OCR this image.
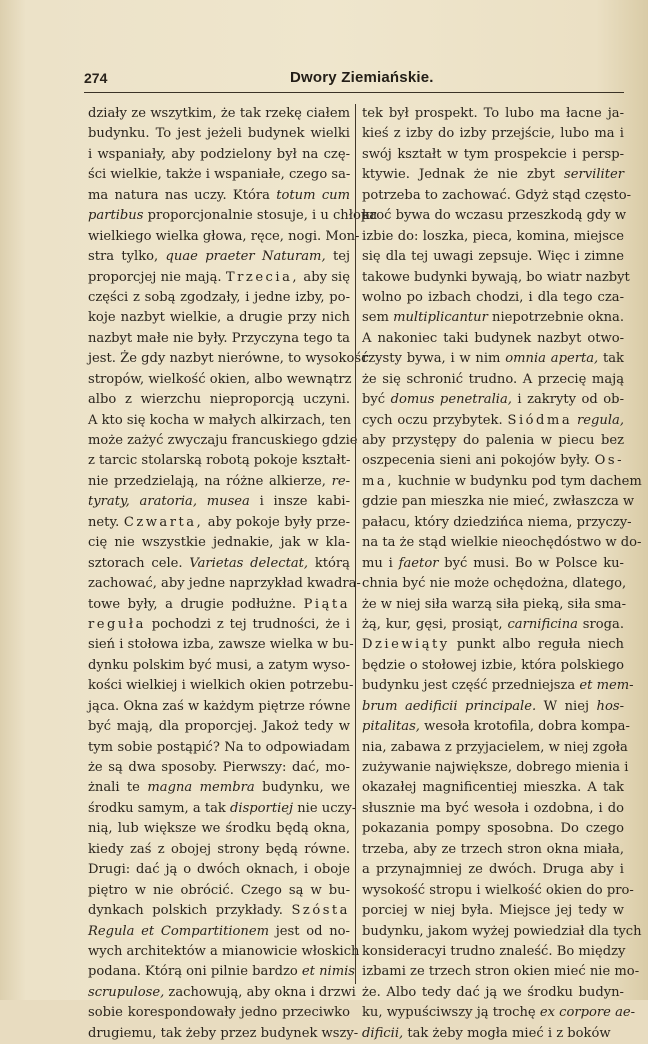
274	Dwory Ziemiańskie.
działy ze wszytkim, że tak rzekę ciałem
budynku. To jest jeżeli budynek wielki
i wspaniały, aby podzielony był na czę-
ści wielkie, także i wspaniałe, czego sa-
ma natura nas uczy. Która totum cum
partibus proporcjonalnie stosuje, i u chłopa
wielkiego wielka głowa, ręce, nogi. Mon-
stra tylko, quae praeter Naturam, tej
proporcjej nie mają. Trzecia, aby się
części z sobą zgodzały, i jedne izby, po-
koje nazbyt wielkie, a drugie przy nich
nazbyt małe nie były. Przyczyna tego ta
jest. Że gdy nazbyt nierówne, to wysokość
stropów, wielkość okien, albo wewnątrz
albo z wierzchu nieproporcją uczyni.
A kto się kocha w małych alkirzach, ten
może zażyć zwyczaju francuskiego gdzie
z tarcic stolarską robotą pokoje kształt-
nie przedzielają, na różne alkierze, re-
tyraty, aratoria, musea i insze kabi-
nety. Czwarta, aby pokoje były prze-
cię nie wszystkie jednakie, jak w kla-
sztorach cele. Varietas delectat, którą
zachować, aby jedne naprzykład kwadra-
towe były, a drugie podłużne. Piąta
reguła pochodzi z tej trudności, że i
sień i stołowa izba, zawsze wielka w bu-
dynku polskim być musi, a zatym wyso-
kości wielkiej i wielkich okien potrzebu-
jąca. Okna zaś w każdym piętrze równe
być mają, dla proporcjej. Jakoż tedy w
tym sobie postąpić? Na to odpowiadam
że są dwa sposoby. Pierwszy: dać, mo-
żnali te magna membra budynku, we
środku samym, a tak disportiej nie uczy-
nią, lub większe we środku będą okna,
kiedy zaś z obojej strony będą równe.
Drugi: dać ją o dwóch oknach, i oboje
piętro w nie obrócić. Czego są w bu-
dynkach polskich przykłady. Szósta
Regula et Compartitionem jest od no-
wych architektów a mianowicie włoskich
podana. Którą oni pilnie bardzo et nimis
scrupulose, zachowują, aby okna i drzwi
sobie korespondowały jedno przeciwko
drugiemu, tak żeby przez budynek wszy-
tek był prospekt. To lubo ma łacne ja-
kieś z izby do izby przejście, lubo ma i
swój kształt w tym prospekcie i persp-
ktywie. Jednak że nie zbyt serviliter
potrzeba to zachować. Gdyż stąd często-
kroć bywa do wczasu przeszkodą gdy w
izbie do: loszka, pieca, komina, miejsce
się dla tej uwagi zepsuje. Więc i zimne
takowe budynki bywają, bo wiatr nazbyt
wolno po izbach chodzi, i dla tego cza-
sem multiplicantur niepotrzebnie okna.
A nakoniec taki budynek nazbyt otwo-
rzysty bywa, i w nim omnia aperta, tak
że się schronić trudno. A przecię mają
być domus penetralia, i zakryty od ob-
cych oczu przybytek. Siódma regula,
aby przystępy do palenia w piecu bez
oszpecenia sieni ani pokojów były. Os-
ma, kuchnie w budynku pod tym dachem
gdzie pan mieszka nie mieć, zwłaszcza w
pałacu, który dziedzińca niema, przyczy-
na ta że stąd wielkie nieochędóstwo w do-
mu i faetor być musi. Bo w Polsce ku-
chnia być nie może ochędożna, dlatego,
że w niej siła warzą siła pieką, siła sma-
żą, kur, gęsi, prosiąt, carnificina sroga.
Dziewiąty punkt albo reguła niech
będzie o stołowej izbie, która polskiego
budynku jest część przedniejsza et mem-
brum aedificii principale. W niej hos-
pitalitas, wesoła krotofila, dobra kompa-
nia, zabawa z przyjacielem, w niej zgoła
zużywanie największe, dobrego mienia i
okazałej magnificentiej mieszka. A tak
słusznie ma być wesoła i ozdobna, i do
pokazania pompy sposobna. Do czego
trzeba, aby ze trzech stron okna miała,
a przynajmniej ze dwóch. Druga aby i
wysokość stropu i wielkość okien do pro-
porciej w niej była. Miejsce jej tedy w
budynku, jakom wyżej powiedział dla tych
konsideracyi trudno znaleść. Bo między
izbami ze trzech stron okien mieć nie mo-
że. Albo tedy dać ją we środku budyn-
ku, wypuściwszy ją trochę ex corpore ae-
dificii, tak żeby mogła mieć i z boków
